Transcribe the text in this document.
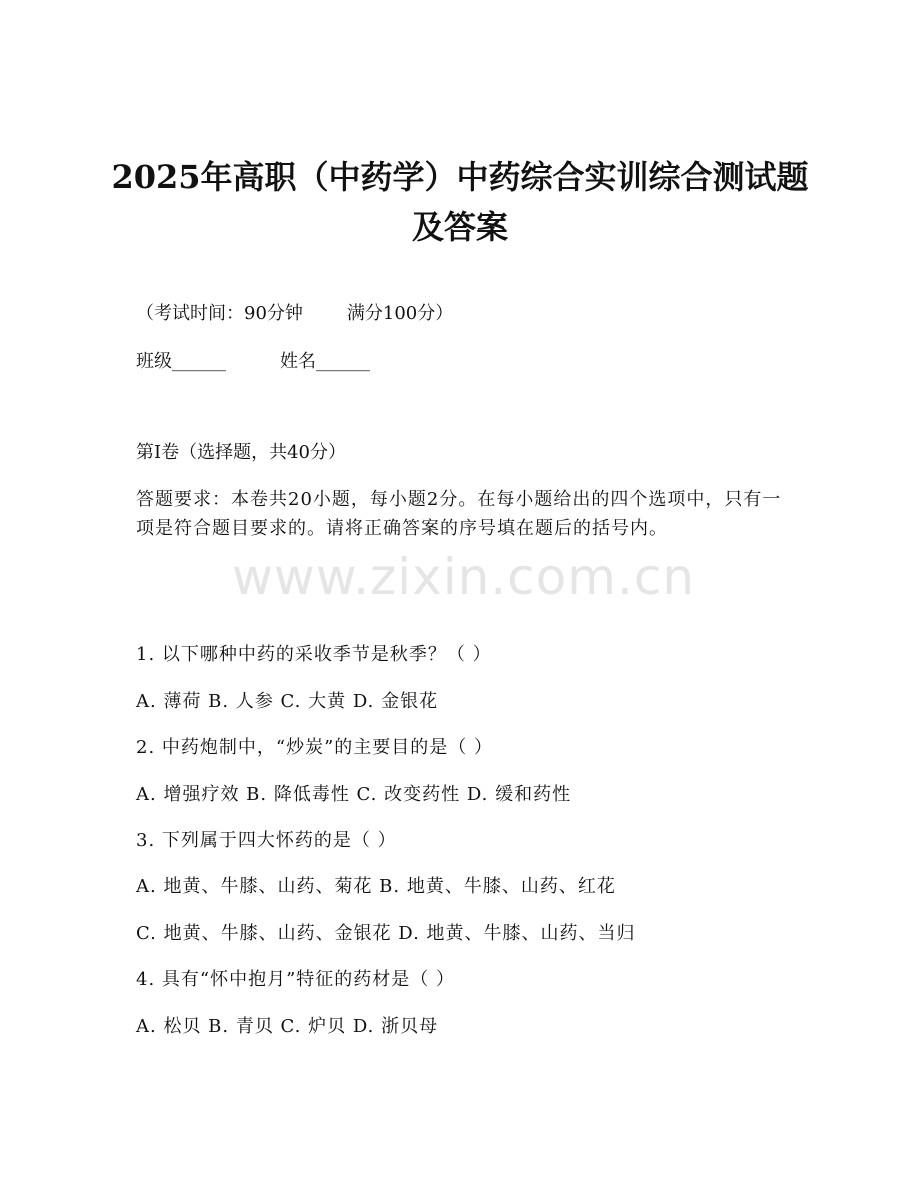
2025年高职（中药学）中药综合实训综合测试题及答案
（考试时间：90分钟 满分100分）
班级______	姓名______
第I卷（选择题，共40分）

答题要求：本卷共20小题，每小题2分。在每小题给出的四个选项中，只有一项是符合题目要求的。请将正确答案的序号填在题后的括号内。

1. 以下哪种中药的采收季节是秋季？（ ）
A. 薄荷 B. 人参 C. 大黄 D. 金银花
2. 中药炮制中，“炒炭”的主要目的是（ ）
A. 增强疗效 B. 降低毒性 C. 改变药性 D. 缓和药性
3. 下列属于四大怀药的是（ ）
A. 地黄、牛膝、山药、菊花 B. 地黄、牛膝、山药、红花
C. 地黄、牛膝、山药、金银花 D. 地黄、牛膝、山药、当归
4. 具有“怀中抱月”特征的药材是（ ）
A. 松贝 B. 青贝 C. 炉贝 D. 浙贝母
www.zixin.com.cn
